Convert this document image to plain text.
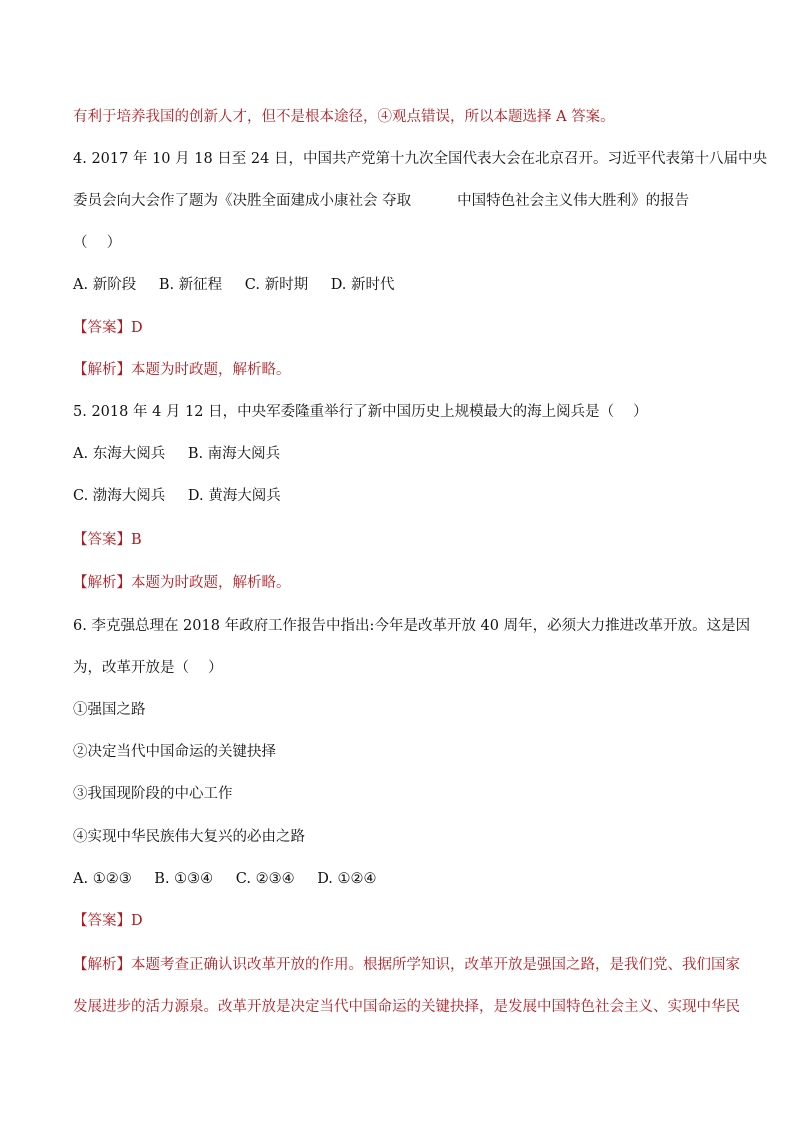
有利于培养我国的创新人才，但不是根本途径，④观点错误，所以本题选择 A 答案。
4. 2017 年 10 月 18 日至 24 日，中国共产党第十九次全国代表大会在北京召开。习近平代表第十八届中央
委员会向大会作了题为《决胜全面建成小康社会 夺取	中国特色社会主义伟大胜利》的报告
（　 ）
A. 新阶段 B. 新征程 C. 新时期 D. 新时代
【答案】D
【解析】本题为时政题，解析略。
5. 2018 年 4 月 12 日，中央军委隆重举行了新中国历史上规模最大的海上阅兵是（　 ）
A. 东海大阅兵 B. 南海大阅兵
C. 渤海大阅兵 D. 黄海大阅兵
【答案】B
【解析】本题为时政题，解析略。
6. 李克强总理在 2018 年政府工作报告中指出:今年是改革开放 40 周年，必须大力推进改革开放。这是因
为，改革开放是（　 ）
①强国之路
②决定当代中国命运的关键抉择
③我国现阶段的中心工作
④实现中华民族伟大复兴的必由之路
A. ①②③ B. ①③④ C. ②③④ D. ①②④
【答案】D
【解析】本题考查正确认识改革开放的作用。根据所学知识，改革开放是强国之路，是我们党、我们国家
发展进步的活力源泉。改革开放是决定当代中国命运的关键抉择，是发展中国特色社会主义、实现中华民
